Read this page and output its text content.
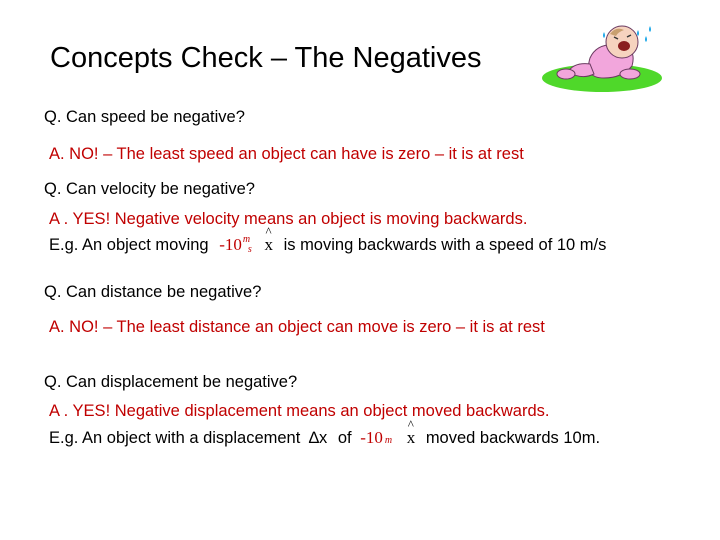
Concepts Check – The Negatives
Q. Can speed be negative?
A. NO! – The least speed an object can have is zero – it is at rest
Q. Can velocity be negative?
A . YES! Negative velocity means an object is moving backwards.
E.g. An object moving -10 m
s

^
x is moving backwards with a speed of 10 m/s
Q. Can distance be negative?
A. NO! – The least distance an object can move is zero – it is at rest
Q. Can displacement be negative?
A . YES! Negative displacement means an object moved backwards.
E.g. An object with a displacement ∆x of -10 m
^
x moved backwards 10m.
